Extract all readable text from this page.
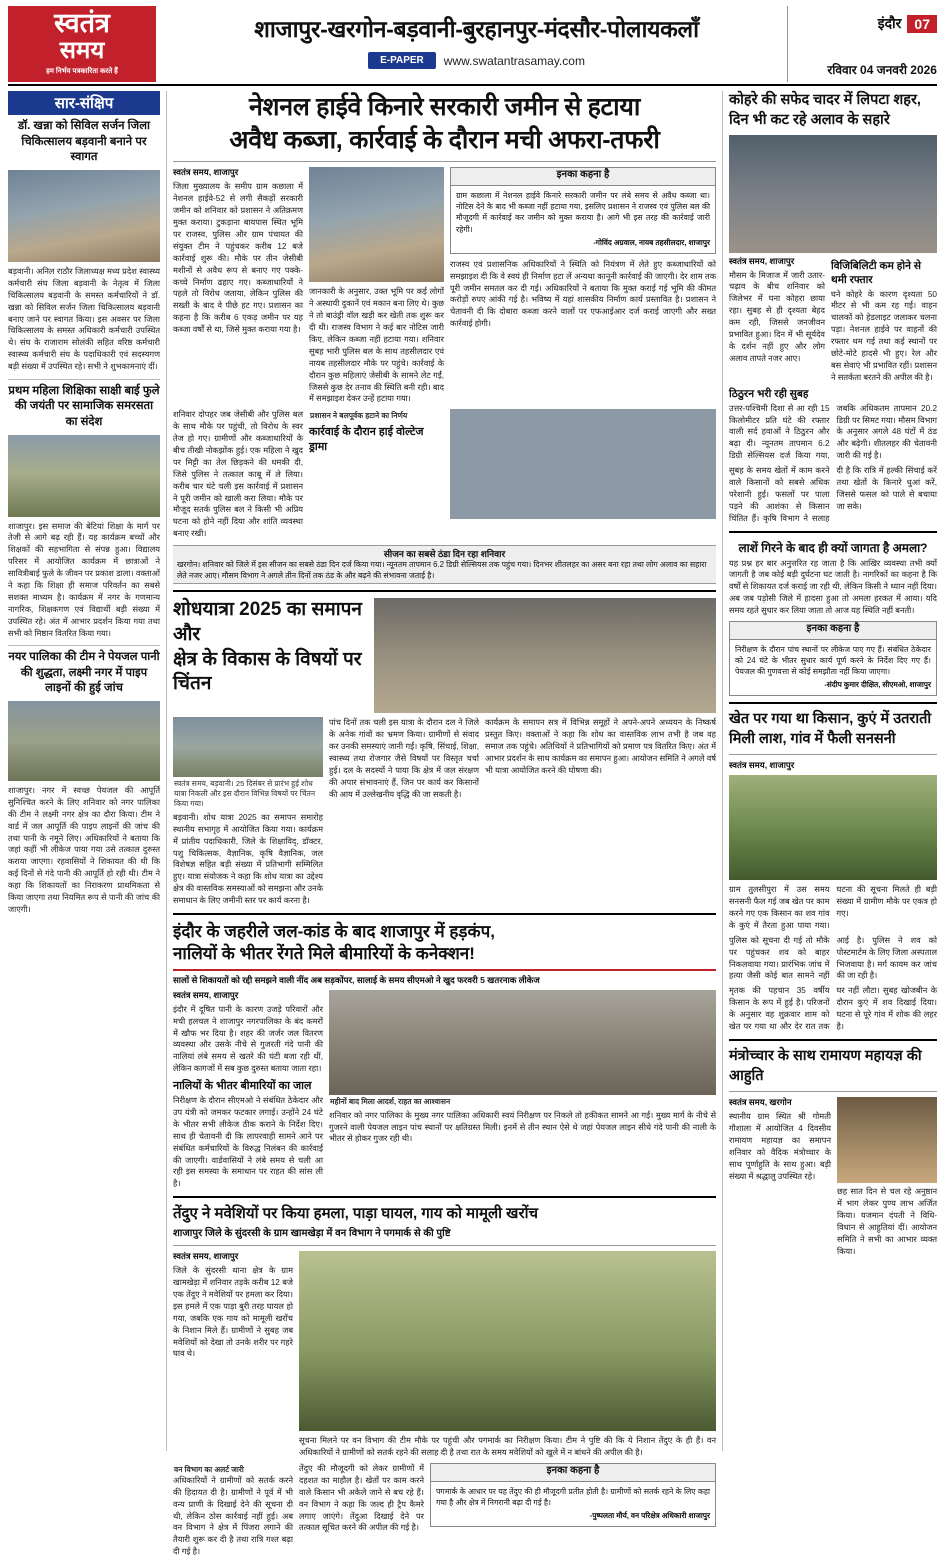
स्वतंत्र
समय
हम निर्भय पत्रकारिता करते हैं
शाजापुर-खरगोन-बड़वानी-बुरहानपुर-मंदसौर-पोलायकलाँ
E-PAPER	www.swatantrasamay.com
इंदौर 07
रविवार 04 जनवरी 2026
सार-संक्षिप
डॉ. खन्ना को सिविल सर्जन जिला चिकित्सालय बड़वानी बनाने पर स्वागत
बड़वानी। अनिल राठौर जिलाध्यक्ष मध्य प्रदेश स्वास्थ्य कर्मचारी संघ जिला बड़वानी के नेतृत्व में जिला चिकित्सालय बड़वानी के समस्त कर्मचारियों ने डॉ. खन्ना को सिविल सर्जन जिला चिकित्सालय बड़वानी बनाए जाने पर स्वागत किया। इस अवसर पर जिला चिकित्सालय के समस्त अधिकारी कर्मचारी उपस्थित थे। संघ के राजाराम सोलंकी सहित वरिष्ठ कर्मचारी स्वास्थ्य कर्मचारी संघ के पदाधिकारी एवं सदस्यगण बड़ी संख्या में उपस्थित रहे। सभी ने शुभकामनाएं दीं।
प्रथम महिला शिक्षिका साक्षी बाई फुले की जयंती पर सामाजिक समरसता का संदेश
शाजापुर। इस समाज की बेटियां शिक्षा के मार्ग पर तेजी से आगे बढ़ रही हैं। यह कार्यक्रम बच्चों और शिक्षकों की सहभागिता से संपन्न हुआ। विद्यालय परिसर में आयोजित कार्यक्रम में छात्राओं ने सावित्रीबाई फुले के जीवन पर प्रकाश डाला। वक्ताओं ने कहा कि शिक्षा ही समाज परिवर्तन का सबसे सशक्त माध्यम है। कार्यक्रम में नगर के गणमान्य नागरिक, शिक्षकगण एवं विद्यार्थी बड़ी संख्या में उपस्थित रहे। अंत में आभार प्रदर्शन किया गया तथा सभी को मिष्ठान वितरित किया गया।
नयर पालिका की टीम ने पेयजल पानी की शुद्धता, लक्ष्मी नगर में पाइप लाइनों की हुई जांच
शाजापुर। नगर में स्वच्छ पेयजल की आपूर्ति सुनिश्चित करने के लिए शनिवार को नगर पालिका की टीम ने लक्ष्मी नगर क्षेत्र का दौरा किया। टीम ने वार्ड में जल आपूर्ति की पाइप लाइनों की जांच की तथा पानी के नमूने लिए। अधिकारियों ने बताया कि जहां कहीं भी लीकेज पाया गया उसे तत्काल दुरुस्त कराया जाएगा। रहवासियों ने शिकायत की थी कि कई दिनों से गंदे पानी की आपूर्ति हो रही थी। टीम ने कहा कि शिकायतों का निराकरण प्राथमिकता से किया जाएगा तथा नियमित रूप से पानी की जांच की जाएगी।
नेशनल हाईवे किनारे सरकारी जमीन से हटाया
अवैध कब्जा, कार्रवाई के दौरान मची अफरा-तफरी
स्वतंत्र समय, शाजापुर
जिला मुख्यालय के समीप ग्राम कछाला में नेशनल हाईवे-52 से लगी सैकड़ों सरकारी जमीन को शनिवार को प्रशासन ने अतिक्रमण मुक्त कराया। टुकड़ाना बायपास स्थित भूमि पर राजस्व, पुलिस और ग्राम पंचायत की संयुक्त टीम ने पहुंचकर करीब 12 बजे कार्रवाई शुरू की। मौके पर तीन जेसीबी मशीनों से अवैध रूप से बनाए गए पक्के-कच्चे निर्माण ढहाए गए। कब्जाधारियों ने पहले तो विरोध जताया, लेकिन पुलिस की सख्ती के बाद वे पीछे हट गए। प्रशासन का कहना है कि करीब 6 एकड़ जमीन पर यह कब्जा वर्षों से था, जिसे मुक्त कराया गया है।
जानकारी के अनुसार, उक्त भूमि पर कई लोगों ने अस्थायी दुकानें एवं मकान बना लिए थे। कुछ ने तो बाउंड्री वॉल खड़ी कर खेती तक शुरू कर दी थी। राजस्व विभाग ने कई बार नोटिस जारी किए, लेकिन कब्जा नहीं हटाया गया। शनिवार सुबह भारी पुलिस बल के साथ तहसीलदार एवं नायब तहसीलदार मौके पर पहुंचे। कार्रवाई के दौरान कुछ महिलाएं जेसीबी के सामने लेट गईं, जिससे कुछ देर तनाव की स्थिति बनी रही। बाद में समझाइश देकर उन्हें हटाया गया।
इनका कहना है
ग्राम कछाला में नेशनल हाईवे किनारे सरकारी जमीन पर लंबे समय से अवैध कब्जा था। नोटिस देने के बाद भी कब्जा नहीं हटाया गया, इसलिए प्रशासन ने राजस्व एवं पुलिस बल की मौजूदगी में कार्रवाई कर जमीन को मुक्त कराया है। आगे भी इस तरह की कार्रवाई जारी रहेगी।
-गोविंद अग्रवाल, नायब तहसीलदार, शाजापुर
राजस्व एवं प्रशासनिक अधिकारियों ने स्थिति को नियंत्रण में लेते हुए कब्जाधारियों को समझाइश दी कि वे स्वयं ही निर्माण हटा लें अन्यथा कानूनी कार्रवाई की जाएगी। देर शाम तक पूरी जमीन समतल कर दी गई। अधिकारियों ने बताया कि मुक्त कराई गई भूमि की कीमत करोड़ों रुपए आंकी गई है। भविष्य में यहां शासकीय निर्माण कार्य प्रस्तावित है। प्रशासन ने चेतावनी दी कि दोबारा कब्जा करने वालों पर एफआईआर दर्ज कराई जाएगी और सख्त कार्रवाई होगी।
शनिवार दोपहर जब जेसीबी और पुलिस बल के साथ मौके पर पहुंची, तो विरोध के स्वर तेज हो गए। ग्रामीणों और कब्जाधारियों के बीच तीखी नोकझोंक हुई। एक महिला ने खुद पर मिट्टी का तेल छिड़कने की धमकी दी, जिसे पुलिस ने तत्काल काबू में ले लिया। करीब चार घंटे चली इस कार्रवाई में प्रशासन ने पूरी जमीन को खाली करा लिया। मौके पर मौजूद सतर्क पुलिस बल ने किसी भी अप्रिय घटना को होने नहीं दिया और शांति व्यवस्था बनाए रखी।
प्रशासन ने बलपूर्वक हटाने का निर्णय
कार्रवाई के दौरान हाई वोल्टेज ड्रामा
सीजन का सबसे ठंडा दिन रहा शनिवार
खरगोन। शनिवार को जिले में इस सीजन का सबसे ठंडा दिन दर्ज किया गया। न्यूनतम तापमान 6.2 डिग्री सेल्सियस तक पहुंच गया। दिनभर शीतलहर का असर बना रहा तथा लोग अलाव का सहारा लेते नजर आए। मौसम विभाग ने अगले तीन दिनों तक ठंड के और बढ़ने की संभावना जताई है।
शोधयात्रा 2025 का समापन और
क्षेत्र के विकास के विषयों पर चिंतन
स्वतंत्र समय, बड़वानी। 25 दिसंबर से प्रारंभ हुई शोध यात्रा निकली और इस दौरान विभिन्न विषयों पर चिंतन किया गया।
बड़वानी। शोध यात्रा 2025 का समापन समारोह स्थानीय सभागृह में आयोजित किया गया। कार्यक्रम में प्रांतीय पदाधिकारी, जिले के शिक्षाविद्, डॉक्टर, पशु चिकित्सक, वैज्ञानिक, कृषि वैज्ञानिक, जल विशेषज्ञ सहित बड़ी संख्या में प्रतिभागी सम्मिलित हुए। यात्रा संयोजक ने कहा कि शोध यात्रा का उद्देश्य क्षेत्र की वास्तविक समस्याओं को समझना और उनके समाधान के लिए जमीनी स्तर पर कार्य करना है।
पांच दिनों तक चली इस यात्रा के दौरान दल ने जिले के अनेक गांवों का भ्रमण किया। ग्रामीणों से संवाद कर उनकी समस्याएं जानी गईं। कृषि, सिंचाई, शिक्षा, स्वास्थ्य तथा रोजगार जैसे विषयों पर विस्तृत चर्चा हुई। दल के सदस्यों ने पाया कि क्षेत्र में जल संरक्षण की अपार संभावनाएं हैं, जिन पर कार्य कर किसानों की आय में उल्लेखनीय वृद्धि की जा सकती है।
कार्यक्रम के समापन सत्र में विभिन्न समूहों ने अपने-अपने अध्ययन के निष्कर्ष प्रस्तुत किए। वक्ताओं ने कहा कि शोध का वास्तविक लाभ तभी है जब वह समाज तक पहुंचे। अतिथियों ने प्रतिभागियों को प्रमाण पत्र वितरित किए। अंत में आभार प्रदर्शन के साथ कार्यक्रम का समापन हुआ। आयोजन समिति ने अगले वर्ष भी यात्रा आयोजित करने की घोषणा की।
इंदौर के जहरीले जल-कांड के बाद शाजापुर में हड़कंप,
नालियों के भीतर रेंगते मिले बीमारियों के कनेक्शन!
सालों से शिकायतों को रद्दी समझने वाली नींद अब सड़कोंपर, सालाई के समय सीएमओ ने खुद फरवरी 5 खतरनाक लीकेज
स्वतंत्र समय, शाजापुर
इंदौर में दूषित पानी के कारण उजड़े परिवारों और मची हलचल ने शाजापुर नगरपालिका के बंद कमरों में खौफ भर दिया है। शहर की जर्जर जल वितरण व्यवस्था और उसके नीचे से गुजरती गंदे पानी की नालियां लंबे समय से खतरे की घंटी बजा रही थीं, लेकिन कागजों में सब कुछ दुरुस्त बताया जाता रहा।
नालियों के भीतर बीमारियों का जाल
निरीक्षण के दौरान सीएमओ ने संबंधित ठेकेदार और उप यंत्री को जमकर फटकार लगाई। उन्होंने 24 घंटे के भीतर सभी लीकेज ठीक कराने के निर्देश दिए। साथ ही चेतावनी दी कि लापरवाही सामने आने पर संबंधित कर्मचारियों के विरुद्ध निलंबन की कार्रवाई की जाएगी। वार्डवासियों ने लंबे समय से चली आ रही इस समस्या के समाधान पर राहत की सांस ली है।
महीनों बाद मिला आदर्श, राहत का आश्वासन
शनिवार को नगर पालिका के मुख्य नगर पालिका अधिकारी स्वयं निरीक्षण पर निकले तो हकीकत सामने आ गई। मुख्य मार्ग के नीचे से गुजरने वाली पेयजल लाइन पांच स्थानों पर क्षतिग्रस्त मिली। इनमें से तीन स्थान ऐसे थे जहां पेयजल लाइन सीधे गंदे पानी की नाली के भीतर से होकर गुजर रही थी।
तेंदुए ने मवेशियों पर किया हमला, पाड़ा घायल, गाय को मामूली खरोंच
शाजापुर जिले के सुंदरसी के ग्राम खामखेड़ा में वन विभाग ने पगमार्क से की पुष्टि
स्वतंत्र समय, शाजापुर
जिले के सुंदरसी थाना क्षेत्र के ग्राम खामखेड़ा में शनिवार तड़के करीब 12 बजे एक तेंदुए ने मवेशियों पर हमला कर दिया। इस हमले में एक पाड़ा बुरी तरह घायल हो गया, जबकि एक गाय को मामूली खरोंच के निशान मिले हैं। ग्रामीणों ने सुबह जब मवेशियों को देखा तो उनके शरीर पर गहरे घाव थे।
सूचना मिलने पर वन विभाग की टीम मौके पर पहुंची और पगमार्क का निरीक्षण किया। टीम ने पुष्टि की कि ये निशान तेंदुए के ही हैं। वन अधिकारियों ने ग्रामीणों को सतर्क रहने की सलाह दी है तथा रात के समय मवेशियों को खुले में न बांधने की अपील की है।
वन विभाग का अलर्ट जारी
अधिकारियों ने ग्रामीणों को सतर्क करने की हिदायत दी है। ग्रामीणों ने पूर्व में भी वन्य प्राणी के दिखाई देने की सूचना दी थी, लेकिन ठोस कार्रवाई नहीं हुई। अब वन विभाग ने क्षेत्र में पिंजरा लगाने की तैयारी शुरू कर दी है तथा रात्रि गश्त बढ़ा दी गई है।
तेंदुए की मौजूदगी को लेकर ग्रामीणों में दहशत का माहौल है। खेतों पर काम करने वाले किसान भी अकेले जाने से बच रहे हैं। वन विभाग ने कहा कि जल्द ही ट्रैप कैमरे लगाए जाएंगे। तेंदुआ दिखाई देने पर तत्काल सूचित करने की अपील की गई है।
इनका कहना है
पगमार्क के आधार पर यह तेंदुए की ही मौजूदगी प्रतीत होती है। ग्रामीणों को सतर्क रहने के लिए कहा गया है और क्षेत्र में निगरानी बढ़ा दी गई है।
-पुष्पलता मौर्य, वन परिक्षेत्र अधिकारी शाजापुर
कोहरे की सफेद चादर में लिपटा शहर,
दिन भी कट रहे अलाव के सहारे
स्वतंत्र समय, शाजापुर
मौसम के मिजाज में जारी उतार-चढ़ाव के बीच शनिवार को जिलेभर में घना कोहरा छाया रहा। सुबह से ही दृश्यता बेहद कम रही, जिससे जनजीवन प्रभावित हुआ। दिन में भी सूर्यदेव के दर्शन नहीं हुए और लोग अलाव तापते नजर आए।
विजिबिलिटी कम होने से थमी रफ्तार
घने कोहरे के कारण दृश्यता 50 मीटर से भी कम रह गई। वाहन चालकों को हेडलाइट जलाकर चलना पड़ा। नेशनल हाईवे पर वाहनों की रफ्तार थम गई तथा कई स्थानों पर छोटे-मोटे हादसे भी हुए। रेल और बस सेवाएं भी प्रभावित रहीं। प्रशासन ने सतर्कता बरतने की अपील की है।
ठिठुरन भरी रही सुबह
उत्तर-पश्चिमी दिशा से आ रही 15 किलोमीटर प्रति घंटे की रफ्तार वाली सर्द हवाओं ने ठिठुरन और बढ़ा दी। न्यूनतम तापमान 6.2 डिग्री सेल्सियस दर्ज किया गया, जबकि अधिकतम तापमान 20.2 डिग्री पर सिमट गया। मौसम विभाग के अनुसार अगले 48 घंटों में ठंड और बढ़ेगी। शीतलहर की चेतावनी जारी की गई है।
सुबह के समय खेतों में काम करने वाले किसानों को सबसे अधिक परेशानी हुई। फसलों पर पाला पड़ने की आशंका से किसान चिंतित हैं। कृषि विभाग ने सलाह दी है कि रात्रि में हल्की सिंचाई करें तथा खेतों के किनारे धुआं करें, जिससे फसल को पाले से बचाया जा सके।
लाशें गिरने के बाद ही क्यों जागता है अमला?
यह प्रश्न हर बार अनुत्तरित रह जाता है कि आखिर व्यवस्था तभी क्यों जागती है जब कोई बड़ी दुर्घटना घट जाती है। नागरिकों का कहना है कि वर्षों से शिकायत दर्ज कराई जा रही थी, लेकिन किसी ने ध्यान नहीं दिया। अब जब पड़ोसी जिले में हादसा हुआ तो अमला हरकत में आया। यदि समय रहते सुधार कर लिया जाता तो आज यह स्थिति नहीं बनती।
इनका कहना है
निरीक्षण के दौरान पांच स्थानों पर लीकेज पाए गए हैं। संबंधित ठेकेदार को 24 घंटे के भीतर सुधार कार्य पूर्ण करने के निर्देश दिए गए हैं। पेयजल की गुणवत्ता से कोई समझौता नहीं किया जाएगा।
-संदीप कुमार दीक्षित, सीएमओ, शाजापुर
खेत पर गया था किसान, कुएं में उतराती
मिली लाश, गांव में फैली सनसनी
स्वतंत्र समय, शाजापुर
ग्राम तुलसीपुरा में उस समय सनसनी फैल गई जब खेत पर काम करने गए एक किसान का शव गांव के कुएं में तैरता हुआ पाया गया। घटना की सूचना मिलते ही बड़ी संख्या में ग्रामीण मौके पर एकत्र हो गए।
पुलिस को सूचना दी गई तो मौके पर पहुंचकर शव को बाहर निकलवाया गया। प्रारंभिक जांच में हत्या जैसी कोई बात सामने नहीं आई है। पुलिस ने शव को पोस्टमार्टम के लिए जिला अस्पताल भिजवाया है। मर्ग कायम कर जांच की जा रही है।
मृतक की पहचान 35 वर्षीय किसान के रूप में हुई है। परिजनों के अनुसार वह शुक्रवार शाम को खेत पर गया था और देर रात तक घर नहीं लौटा। सुबह खोजबीन के दौरान कुएं में शव दिखाई दिया। घटना से पूरे गांव में शोक की लहर है।
मंत्रोच्चार के साथ रामायण महायज्ञ की आहुति
स्वतंत्र समय, खरगोन
स्थानीय ग्राम स्थित श्री गोमती गौशाला में आयोजित 4 दिवसीय रामायण महायज्ञ का समापन शनिवार को वैदिक मंत्रोच्चार के साथ पूर्णाहुति के साथ हुआ। बड़ी संख्या में श्रद्धालु उपस्थित रहे।
छह सात दिन से चल रहे अनुष्ठान में भाग लेकर पुण्य लाभ अर्जित किया। यजमान दंपती ने विधि-विधान से आहुतियां दीं। आयोजन समिति ने सभी का आभार व्यक्त किया।
